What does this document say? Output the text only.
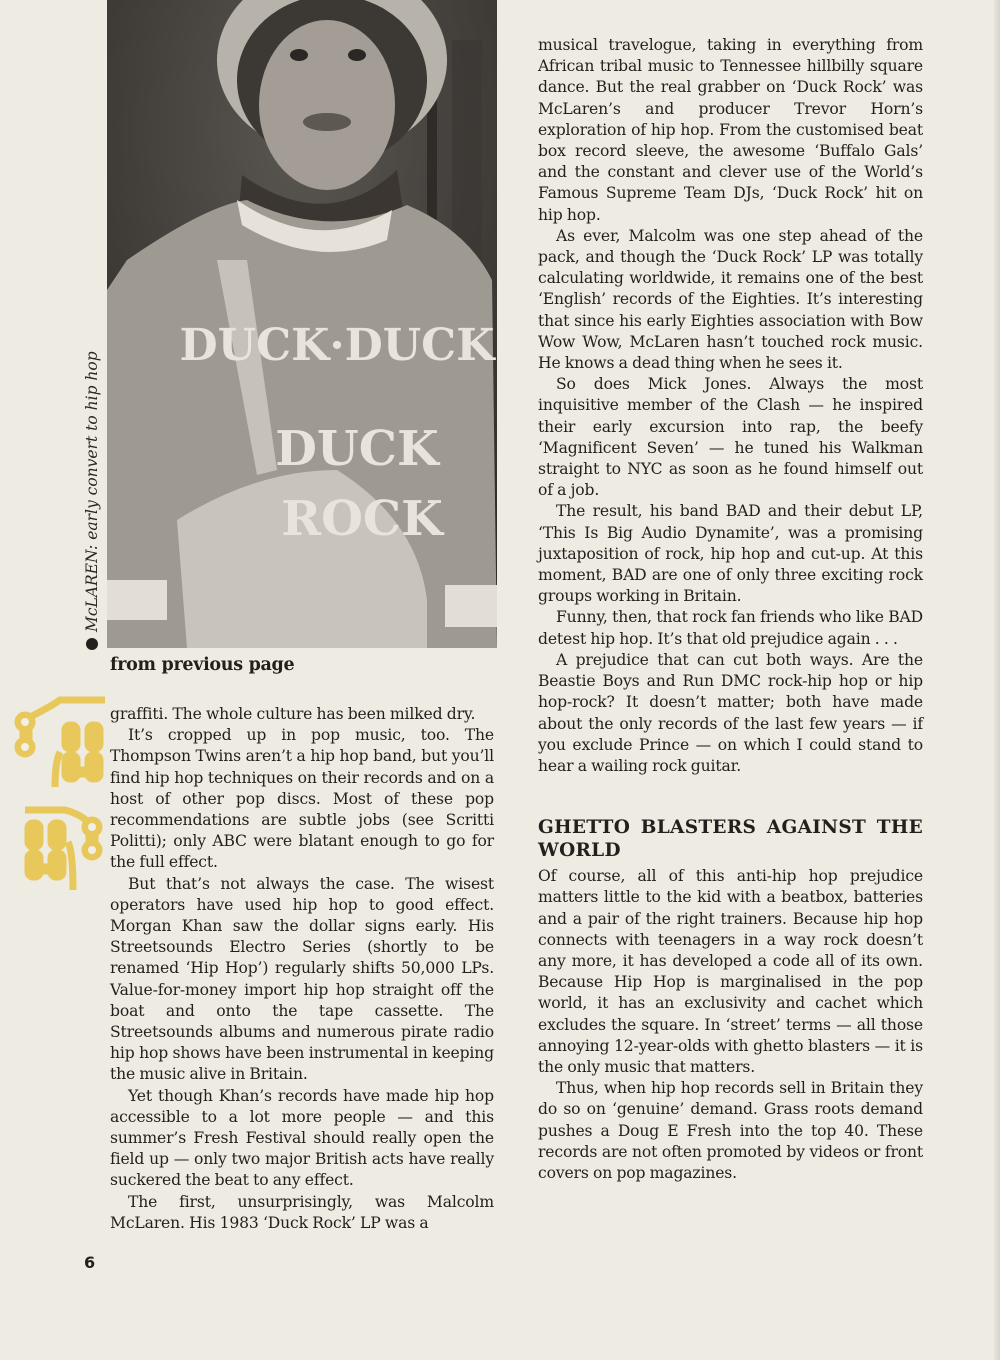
DUCK·DUCK
DUCK
ROCK
McLAREN: early convert to hip hop
from previous page

graffiti. The whole culture has been milked dry.

It’s cropped up in pop music, too. The Thompson Twins aren’t a hip hop band, but you’ll find hip hop techniques on their records and on a host of other pop discs. Most of these pop recommendations are subtle jobs (see Scritti Politti); only ABC were blatant enough to go for the full effect.

But that’s not always the case. The wisest operators have used hip hop to good effect. Morgan Khan saw the dollar signs early. His Streetsounds Electro Series (shortly to be renamed ‘Hip Hop’) regularly shifts 50,000 LPs. Value-for-money import hip hop straight off the boat and onto the tape cassette. The Streetsounds albums and numerous pirate radio hip hop shows have been instrumental in keeping the music alive in Britain.

Yet though Khan’s records have made hip hop accessible to a lot more people — and this summer’s Fresh Festival should really open the field up — only two major British acts have really suckered the beat to any effect.

The first, unsurprisingly, was Malcolm McLaren. His 1983 ‘Duck Rock’ LP was a

6

musical travelogue, taking in everything from African tribal music to Tennessee hillbilly square dance. But the real grabber on ‘Duck Rock’ was McLaren’s and producer Trevor Horn’s exploration of hip hop. From the customised beat box record sleeve, the awesome ‘Buffalo Gals’ and the constant and clever use of the World’s Famous Supreme Team DJs, ‘Duck Rock’ hit on hip hop.

As ever, Malcolm was one step ahead of the pack, and though the ‘Duck Rock’ LP was totally calculating worldwide, it remains one of the best ‘English’ records of the Eighties. It’s interesting that since his early Eighties association with Bow Wow Wow, McLaren hasn’t touched rock music. He knows a dead thing when he sees it.

So does Mick Jones. Always the most inquisitive member of the Clash — he inspired their early excursion into rap, the beefy ‘Magnificent Seven’ — he tuned his Walkman straight to NYC as soon as he found himself out of a job.

The result, his band BAD and their debut LP, ‘This Is Big Audio Dynamite’, was a promising juxtaposition of rock, hip hop and cut-up. At this moment, BAD are one of only three exciting rock groups working in Britain.

Funny, then, that rock fan friends who like BAD detest hip hop. It’s that old prejudice again . . .

A prejudice that can cut both ways. Are the Beastie Boys and Run DMC rock-hip hop or hip hop-rock? It doesn’t matter; both have made about the only records of the last few years — if you exclude Prince — on which I could stand to hear a wailing rock guitar.

GHETTO BLASTERS AGAINST THE WORLD

Of course, all of this anti-hip hop prejudice matters little to the kid with a beatbox, batteries and a pair of the right trainers. Because hip hop connects with teenagers in a way rock doesn’t any more, it has developed a code all of its own. Because Hip Hop is marginalised in the pop world, it has an exclusivity and cachet which excludes the square. In ‘street’ terms — all those annoying 12-year-olds with ghetto blasters — it is the only music that matters.

Thus, when hip hop records sell in Britain they do so on ‘genuine’ demand. Grass roots demand pushes a Doug E Fresh into the top 40. These records are not often promoted by videos or front covers on pop magazines.
